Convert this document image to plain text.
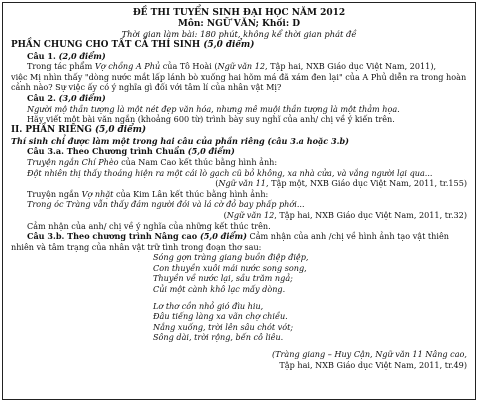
ĐỀ THI TUYỂN SINH ĐẠI HỌC NĂM 2012
Môn: NGỮ VĂN; Khối: D
Thời gian làm bài: 180 phút, không kể thời gian phát đề
PHẦN CHUNG CHO TẤT CẢ THÍ SINH (5,0 điểm)
Câu 1. (2,0 điểm)
Trong tác phẩm Vợ chồng A Phủ của Tô Hoài (Ngữ văn 12, Tập hai, NXB Giáo dục Việt Nam, 2011),
việc Mị nhìn thấy "dòng nước mắt lấp lánh bò xuống hai hõm má đã xám đen lại" của A Phủ diễn ra trong hoàn
cảnh nào? Sự việc ấy có ý nghĩa gì đối với tâm lí của nhân vật Mị?
Câu 2. (3,0 điểm)
Người mộ thần tượng là một nét đẹp văn hóa, nhưng mê muội thần tượng là một thảm họa.
Hãy viết một bài văn ngắn (khoảng 600 từ) trình bày suy nghĩ của anh/ chị về ý kiến trên.
II. PHẦN RIÊNG (5,0 điểm)
Thí sinh chỉ được làm một trong hai câu của phần riêng (câu 3.a hoặc 3.b)
Câu 3.a. Theo Chương trình Chuẩn (5,0 điểm)
Truyện ngắn Chí Phèo của Nam Cao kết thúc bằng hình ảnh:
Đột nhiên thị thấy thoáng hiện ra một cái lò gạch cũ bỏ không, xa nhà cửa, và vắng người lại qua...
(Ngữ văn 11, Tập một, NXB Giáo dục Việt Nam, 2011, tr.155)
Truyện ngắn Vợ nhặt của Kim Lân kết thúc bằng hình ảnh:
Trong óc Tràng vẫn thấy đám người đói và lá cờ đỏ bay phấp phới...
(Ngữ văn 12, Tập hai, NXB Giáo dục Việt Nam, 2011, tr.32)
Cảm nhận của anh/ chị về ý nghĩa của những kết thúc trên.
Câu 3.b. Theo chương trình Nâng cao (5,0 điểm) Cảm nhận của anh /chị về hình ảnh tạo vật thiên
nhiên và tâm trạng của nhân vật trữ tình trong đoạn thơ sau:
Sóng gợn tràng giang buồn điệp điệp,
Con thuyền xuôi mái nước song song,
Thuyền về nước lại, sầu trăm ngả;
Củi một cành khô lạc mấy dòng.
Lơ thơ cồn nhỏ gió đìu hiu,
Đâu tiếng làng xa vãn chợ chiều.
Nắng xuống, trời lên sâu chót vót;
Sông dài, trời rộng, bến cô liêu.
(Tràng giang – Huy Cận, Ngữ văn 11 Nâng cao,
Tập hai, NXB Giáo dục Việt Nam, 2011, tr.49)
